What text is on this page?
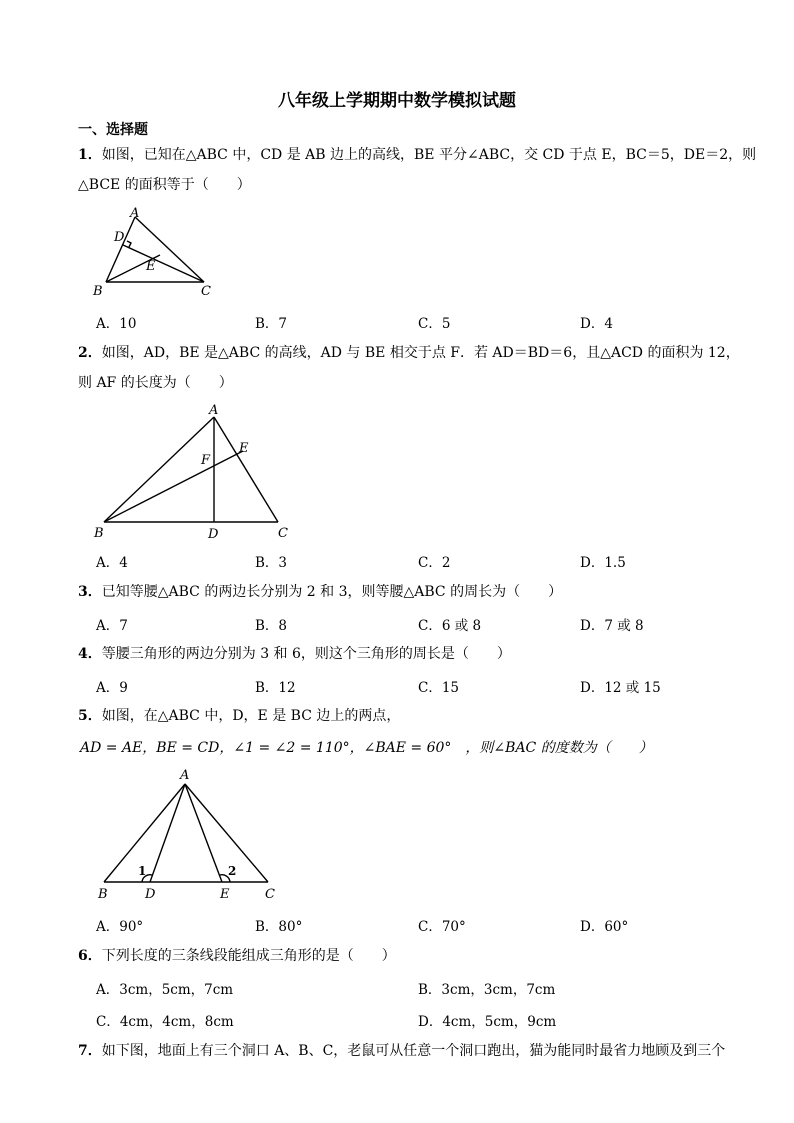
八年级上学期期中数学模拟试题
一、选择题
1．如图，已知在△ABC 中，CD 是 AB 边上的高线，BE 平分∠ABC，交 CD 于点 E，BC＝5，DE＝2，则
△BCE 的面积等于（　　）
A
D
E
B	C
A．10	B．7	C．5	D．4
2．如图，AD，BE 是△ABC 的高线，AD 与 BE 相交于点 F．若 AD＝BD＝6，且△ACD 的面积为 12，
则 AF 的长度为（　　）
A
E
F
B	D	C
A．4	B．3	C．2	D．1.5
3．已知等腰△ABC 的两边长分别为 2 和 3，则等腰△ABC 的周长为（　　）
A．7	B．8	C．6 或 8	D．7 或 8
4．等腰三角形的两边分别为 3 和 6，则这个三角形的周长是（　　）
A．9	B．12	C．15	D．12 或 15
5．如图，在△ABC 中，D，E 是 BC 边上的两点，
AD = AE，BE = CD，∠1 = ∠2 = 110°，∠BAE = 60°　，则∠BAC 的度数为（　　）
A
1	2
B	D	E	C
A．90°	B．80°	C．70°	D．60°
6．下列长度的三条线段能组成三角形的是（　　）
A．3cm，5cm，7cm	B．3cm，3cm，7cm
C．4cm，4cm，8cm	D．4cm，5cm，9cm
7．如下图，地面上有三个洞口 A、B、C，老鼠可从任意一个洞口跑出，猫为能同时最省力地顾及到三个
